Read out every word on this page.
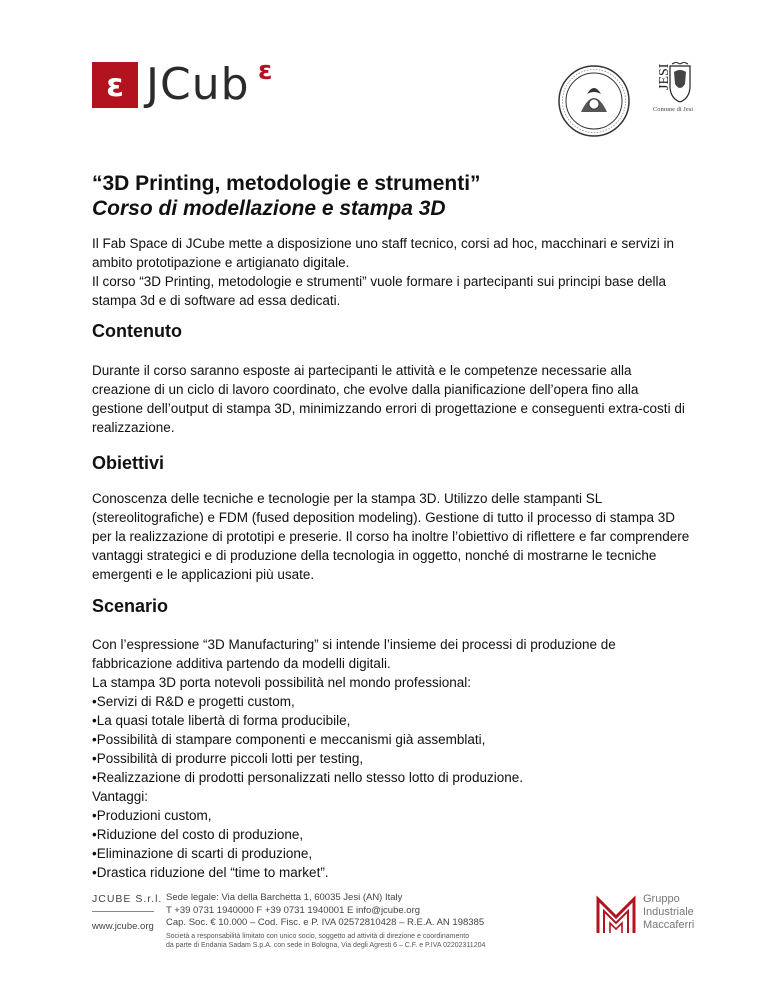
ɛ JCub ɛ	JESI
Comune di Jesi
“3D Printing, metodologie e strumenti”
Corso di modellazione e stampa 3D

Il Fab Space di JCube mette a disposizione uno staff tecnico, corsi ad hoc, macchinari e servizi in ambito prototipazione e artigianato digitale.

Il corso “3D Printing, metodologie e strumenti” vuole formare i partecipanti sui principi base della stampa 3d e di software ad essa dedicati.

Contenuto

Durante il corso saranno esposte ai partecipanti le attività e le competenze necessarie alla creazione di un ciclo di lavoro coordinato, che evolve dalla pianificazione dell’opera fino alla gestione dell’output di stampa 3D, minimizzando errori di progettazione e conseguenti extra-costi di realizzazione.

Obiettivi

Conoscenza delle tecniche e tecnologie per la stampa 3D. Utilizzo delle stampanti SL (stereolitografiche) e FDM (fused deposition modeling). Gestione di tutto il processo di stampa 3D per la realizzazione di prototipi e preserie. Il corso ha inoltre l’obiettivo di riflettere e far comprendere vantaggi strategici e di produzione della tecnologia in oggetto, nonché di mostrarne le tecniche emergenti e le applicazioni più usate.

Scenario

Con l’espressione “3D Manufacturing” si intende l’insieme dei processi di produzione de fabbricazione additiva partendo da modelli digitali.

La stampa 3D porta notevoli possibilità nel mondo professional:

• Servizi di R&D e progetti custom,
• La quasi totale libertà di forma producibile,
• Possibilità di stampare componenti e meccanismi già assemblati,
• Possibilità di produrre piccoli lotti per testing,
• Realizzazione di prodotti personalizzati nello stesso lotto di produzione.

Vantaggi:

• Produzioni custom,
• Riduzione del costo di produzione,
• Eliminazione di scarti di produzione,
• Drastica riduzione del “time to market”.
JCUBE S.r.l.
www.jcube.org
Sede legale: Via della Barchetta 1, 60035 Jesi (AN) Italy
T +39 0731 1940000 F +39 0731 1940001 E info@jcube.org
Cap. Soc. € 10.000 – Cod. Fisc. e P. IVA 02572810428 – R.E.A. AN 198385
Società a responsabilità limitato con unico socio, soggetto ad attività di direzione e coordinamento
da parte di Endania Sadam S.p.A. con sede in Bologna, Via degli Agresti 6 – C.F. e P.IVA 02202311204
Gruppo
Industriale
Maccaferri
